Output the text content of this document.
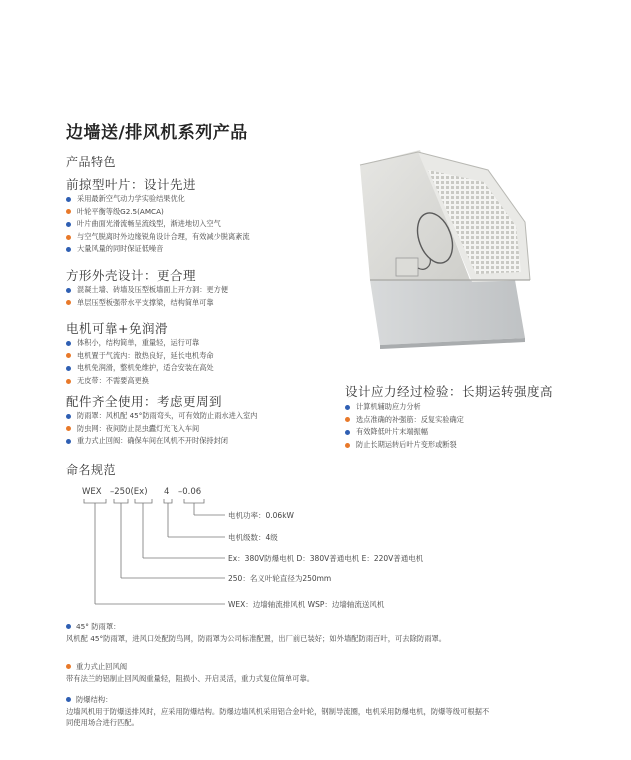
边墙送/排风机系列产品
产品特色
前掠型叶片：设计先进
采用最新空气动力学实验结果优化
叶轮平衡等级G2.5(AMCA)
叶片曲面光滑流畅呈流线型，渐进地切入空气
与空气脱离时外边缘锐角设计合理，有效减少脱离紊流
大量风量的同时保证低噪音
方形外壳设计：更合理
混凝土墙、砖墙及压型板墙面上开方洞：更方便
单层压型板强带水平支撑梁，结构简单可靠
电机可靠+免润滑
体积小，结构简单，重量轻，运行可靠
电机置于气流内：散热良好，延长电机寿命
电机免润滑，整机免维护，适合安装在高处
无皮带：不需要高更换
配件齐全使用：考虑更周到
防雨罩：风机配 45°防雨弯头，可有效防止雨水进入室内
防虫网：夜间防止昆虫蠹灯光飞入车间
重力式止回阀：确保车间在风机不开时保持封闭
设计应力经过检验：长期运转强度高
计算机辅助应力分析
选点准确的补强筋：反复实验确定
有效降低叶片末端振幅
防止长期运转后叶片变形或断裂
命名规范
WEX –250(Ex) 4 –0.06
电机功率：0.06kW
电机级数：4级
Ex：380V防爆电机 D：380V普通电机 E：220V普通电机
250：名义叶轮直径为250mm
WEX：边墙轴流排风机 WSP：边墙轴流送风机
45° 防雨罩：
风机配 45°防雨罩，进风口处配防鸟网，防雨罩为公司标准配置，出厂前已装好；如外墙配防雨百叶，可去除防雨罩。
重力式止回风阀
带有法兰的铝制止回风阀重量轻，阻损小、开启灵活，重力式复位简单可靠。
防爆结构：
边墙风机用于防爆送排风时，应采用防爆结构。防爆边墙风机采用铝合金叶轮，钢制导流圈，电机采用防爆电机，防爆等级可根据不同使用场合进行匹配。
